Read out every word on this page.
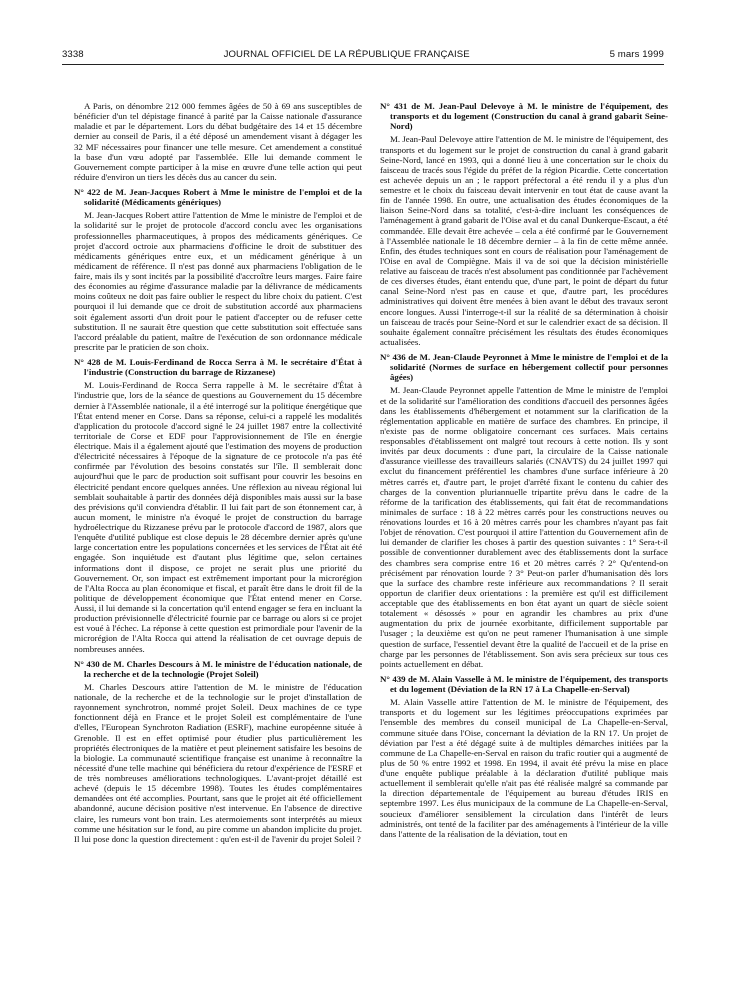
3338	JOURNAL OFFICIEL DE LA RÉPUBLIQUE FRANÇAISE	5 mars 1999

A Paris, on dénombre 212 000 femmes âgées de 50 à 69 ans susceptibles de bénéficier d'un tel dépistage financé à parité par la Caisse nationale d'assurance maladie et par le département. Lors du débat budgétaire des 14 et 15 décembre dernier au conseil de Paris, il a été déposé un amendement visant à dégager les 32 MF nécessaires pour financer une telle mesure. Cet amendement a constitué la base d'un vœu adopté par l'assemblée. Elle lui demande comment le Gouvernement compte participer à la mise en œuvre d'une telle action qui peut réduire d'environ un tiers les décès dus au cancer du sein.

N° 422 de M. Jean-Jacques Robert à Mme le ministre de l'emploi et de la solidarité (Médicaments génériques)

M. Jean-Jacques Robert attire l'attention de Mme le ministre de l'emploi et de la solidarité sur le projet de protocole d'accord conclu avec les organisations professionnelles pharmaceutiques, à propos des médicaments génériques. Ce projet d'accord octroie aux pharmaciens d'officine le droit de substituer des médicaments génériques entre eux, et un médicament générique à un médicament de référence. Il n'est pas donné aux pharmaciens l'obligation de le faire, mais ils y sont incités par la possibilité d'accroître leurs marges. Faire faire des économies au régime d'assurance maladie par la délivrance de médicaments moins coûteux ne doit pas faire oublier le respect du libre choix du patient. C'est pourquoi il lui demande que ce droit de substitution accordé aux pharmaciens soit également assorti d'un droit pour le patient d'accepter ou de refuser cette substitution. Il ne saurait être question que cette substitution soit effectuée sans l'accord préalable du patient, maître de l'exécution de son ordonnance médicale prescrite par le praticien de son choix.

N° 428 de M. Louis-Ferdinand de Rocca Serra à M. le secrétaire d'État à l'industrie (Construction du barrage de Rizzanese)

M. Louis-Ferdinand de Rocca Serra rappelle à M. le secrétaire d'État à l'industrie que, lors de la séance de questions au Gouvernement du 15 décembre dernier à l'Assemblée nationale, il a été interrogé sur la politique énergétique que l'État entend mener en Corse. Dans sa réponse, celui-ci a rappelé les modalités d'application du protocole d'accord signé le 24 juillet 1987 entre la collectivité territoriale de Corse et EDF pour l'approvisionnement de l'île en énergie électrique. Mais il a également ajouté que l'estimation des moyens de production d'électricité nécessaires à l'époque de la signature de ce protocole n'a pas été confirmée par l'évolution des besoins constatés sur l'île. Il semblerait donc aujourd'hui que le parc de production soit suffisant pour couvrir les besoins en électricité pendant encore quelques années. Une réflexion au niveau régional lui semblait souhaitable à partir des données déjà disponibles mais aussi sur la base des prévisions qu'il conviendra d'établir. Il lui fait part de son étonnement car, à aucun moment, le ministre n'a évoqué le projet de construction du barrage hydroélectrique du Rizzanese prévu par le protocole d'accord de 1987, alors que l'enquête d'utilité publique est close depuis le 28 décembre dernier après qu'une large concertation entre les populations concernées et les services de l'État ait été engagée. Son inquiétude est d'autant plus légitime que, selon certaines informations dont il dispose, ce projet ne serait plus une priorité du Gouvernement. Or, son impact est extrêmement important pour la microrégion de l'Alta Rocca au plan économique et fiscal, et paraît être dans le droit fil de la politique de développement économique que l'État entend mener en Corse. Aussi, il lui demande si la concertation qu'il entend engager se fera en incluant la production prévisionnelle d'électricité fournie par ce barrage ou alors si ce projet est voué à l'échec. La réponse à cette question est primordiale pour l'avenir de la microrégion de l'Alta Rocca qui attend la réalisation de cet ouvrage depuis de nombreuses années.

N° 430 de M. Charles Descours à M. le ministre de l'éducation nationale, de la recherche et de la technologie (Projet Soleil)

M. Charles Descours attire l'attention de M. le ministre de l'éducation nationale, de la recherche et de la technologie sur le projet d'installation de rayonnement synchrotron, nommé projet Soleil. Deux machines de ce type fonctionnent déjà en France et le projet Soleil est complémentaire de l'une d'elles, l'European Synchroton Radiation (ESRF), machine européenne située à Grenoble. Il est en effet optimisé pour étudier plus particulièrement les propriétés électroniques de la matière et peut pleinement satisfaire les besoins de la biologie. La communauté scientifique française est unanime à reconnaître la nécessité d'une telle machine qui bénéficiera du retour d'expérience de l'ESRF et de très nombreuses améliorations technologiques. L'avant-projet détaillé est achevé (depuis le 15 décembre 1998). Toutes les études complémentaires demandées ont été accomplies. Pourtant, sans que le projet ait été officiellement abandonné, aucune décision positive n'est intervenue. En l'absence de directive claire, les rumeurs vont bon train. Les atermoiements sont interprétés au mieux comme une hésitation sur le fond, au pire comme un abandon implicite du projet. Il lui pose donc la question directement : qu'en est-il de l'avenir du projet Soleil ?

N° 431 de M. Jean-Paul Delevoye à M. le ministre de l'équipement, des transports et du logement (Construction du canal à grand gabarit Seine-Nord)

M. Jean-Paul Delevoye attire l'attention de M. le ministre de l'équipement, des transports et du logement sur le projet de construction du canal à grand gabarit Seine-Nord, lancé en 1993, qui a donné lieu à une concertation sur le choix du faisceau de tracés sous l'égide du préfet de la région Picardie. Cette concertation est achevée depuis un an ; le rapport préfectoral a été rendu il y a plus d'un semestre et le choix du faisceau devait intervenir en tout état de cause avant la fin de l'année 1998. En outre, une actualisation des études économiques de la liaison Seine-Nord dans sa totalité, c'est-à-dire incluant les conséquences de l'aménagement à grand gabarit de l'Oise aval et du canal Dunkerque-Escaut, a été commandée. Elle devait être achevée – cela a été confirmé par le Gouvernement à l'Assemblée nationale le 18 décembre dernier – à la fin de cette même année. Enfin, des études techniques sont en cours de réalisation pour l'aménagement de l'Oise en aval de Compiègne. Mais il va de soi que la décision ministérielle relative au faisceau de tracés n'est absolument pas conditionnée par l'achèvement de ces diverses études, étant entendu que, d'une part, le point de départ du futur canal Seine-Nord n'est pas en cause et que, d'autre part, les procédures administratives qui doivent être menées à bien avant le début des travaux seront encore longues. Aussi l'interroge-t-il sur la réalité de sa détermination à choisir un faisceau de tracés pour Seine-Nord et sur le calendrier exact de sa décision. Il souhaite également connaître précisément les résultats des études économiques actualisées.

N° 436 de M. Jean-Claude Peyronnet à Mme le ministre de l'emploi et de la solidarité (Normes de surface en hébergement collectif pour personnes âgées)

M. Jean-Claude Peyronnet appelle l'attention de Mme le ministre de l'emploi et de la solidarité sur l'amélioration des conditions d'accueil des personnes âgées dans les établissements d'hébergement et notamment sur la clarification de la réglementation applicable en matière de surface des chambres. En principe, il n'existe pas de norme obligatoire concernant ces surfaces. Mais certains responsables d'établissement ont malgré tout recours à cette notion. Ils y sont invités par deux documents : d'une part, la circulaire de la Caisse nationale d'assurance vieillesse des travailleurs salariés (CNAVTS) du 24 juillet 1997 qui exclut du financement préférentiel les chambres d'une surface inférieure à 20 mètres carrés et, d'autre part, le projet d'arrêté fixant le contenu du cahier des charges de la convention pluriannuelle tripartite prévu dans le cadre de la réforme de la tarification des établissements, qui fait état de recommandations minimales de surface : 18 à 22 mètres carrés pour les constructions neuves ou rénovations lourdes et 16 à 20 mètres carrés pour les chambres n'ayant pas fait l'objet de rénovation. C'est pourquoi il attire l'attention du Gouvernement afin de lui demander de clarifier les choses à partir des question suivantes : 1° Sera-t-il possible de conventionner durablement avec des établissements dont la surface des chambres sera comprise entre 16 et 20 mètres carrés ? 2° Qu'entend-on précisément par rénovation lourde ? 3° Peut-on parler d'humanisation dès lors que la surface des chambre reste inférieure aux recommandations ? Il serait opportun de clarifier deux orientations : la première est qu'il est difficilement acceptable que des établissements en bon état ayant un quart de siècle soient totalement « désossés » pour en agrandir les chambres au prix d'une augmentation du prix de journée exorbitante, difficilement supportable par l'usager ; la deuxième est qu'on ne peut ramener l'humanisation à une simple question de surface, l'essentiel devant être la qualité de l'accueil et de la prise en charge par les personnes de l'établissement. Son avis sera précieux sur tous ces points actuellement en débat.

N° 439 de M. Alain Vasselle à M. le ministre de l'équipement, des transports et du logement (Déviation de la RN 17 à La Chapelle-en-Serval)

M. Alain Vasselle attire l'attention de M. le ministre de l'équipement, des transports et du logement sur les légitimes préoccupations exprimées par l'ensemble des membres du conseil municipal de La Chapelle-en-Serval, commune située dans l'Oise, concernant la déviation de la RN 17. Un projet de déviation par l'est a été dégagé suite à de multiples démarches initiées par la commune de La Chapelle-en-Serval en raison du trafic routier qui a augmenté de plus de 50 % entre 1992 et 1998. En 1994, il avait été prévu la mise en place d'une enquête publique préalable à la déclaration d'utilité publique mais actuellement il semblerait qu'elle n'ait pas été réalisée malgré sa commande par la direction départementale de l'équipement au bureau d'études IRIS en septembre 1997. Les élus municipaux de la commune de La Chapelle-en-Serval, soucieux d'améliorer sensiblement la circulation dans l'intérêt de leurs administrés, ont tenté de la faciliter par des aménagements à l'intérieur de la ville dans l'attente de la réalisation de la déviation, tout en
